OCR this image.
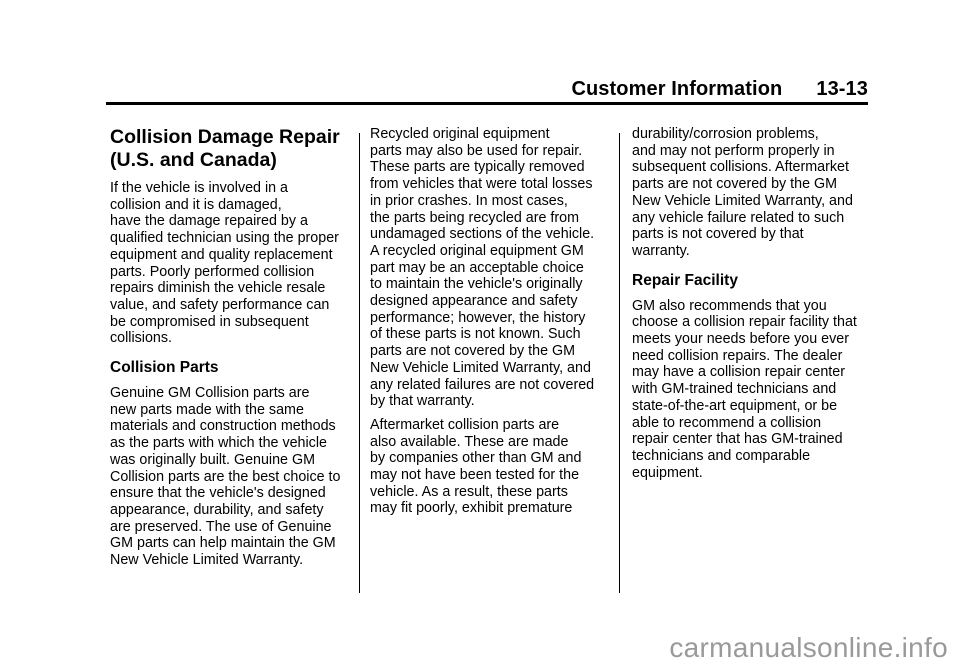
Customer Information 13-13
Collision Damage Repair
(U.S. and Canada)

If the vehicle is involved in a
collision and it is damaged,
have the damage repaired by a
qualified technician using the proper
equipment and quality replacement
parts. Poorly performed collision
repairs diminish the vehicle resale
value, and safety performance can
be compromised in subsequent
collisions.

Collision Parts

Genuine GM Collision parts are
new parts made with the same
materials and construction methods
as the parts with which the vehicle
was originally built. Genuine GM
Collision parts are the best choice to
ensure that the vehicle's designed
appearance, durability, and safety
are preserved. The use of Genuine
GM parts can help maintain the GM
New Vehicle Limited Warranty.

Recycled original equipment
parts may also be used for repair.
These parts are typically removed
from vehicles that were total losses
in prior crashes. In most cases,
the parts being recycled are from
undamaged sections of the vehicle.
A recycled original equipment GM
part may be an acceptable choice
to maintain the vehicle's originally
designed appearance and safety
performance; however, the history
of these parts is not known. Such
parts are not covered by the GM
New Vehicle Limited Warranty, and
any related failures are not covered
by that warranty.

Aftermarket collision parts are
also available. These are made
by companies other than GM and
may not have been tested for the
vehicle. As a result, these parts
may fit poorly, exhibit premature

durability/corrosion problems,
and may not perform properly in
subsequent collisions. Aftermarket
parts are not covered by the GM
New Vehicle Limited Warranty, and
any vehicle failure related to such
parts is not covered by that
warranty.

Repair Facility

GM also recommends that you
choose a collision repair facility that
meets your needs before you ever
need collision repairs. The dealer
may have a collision repair center
with GM-trained technicians and
state-of-the-art equipment, or be
able to recommend a collision
repair center that has GM-trained
technicians and comparable
equipment.

carmanualsonline.info
